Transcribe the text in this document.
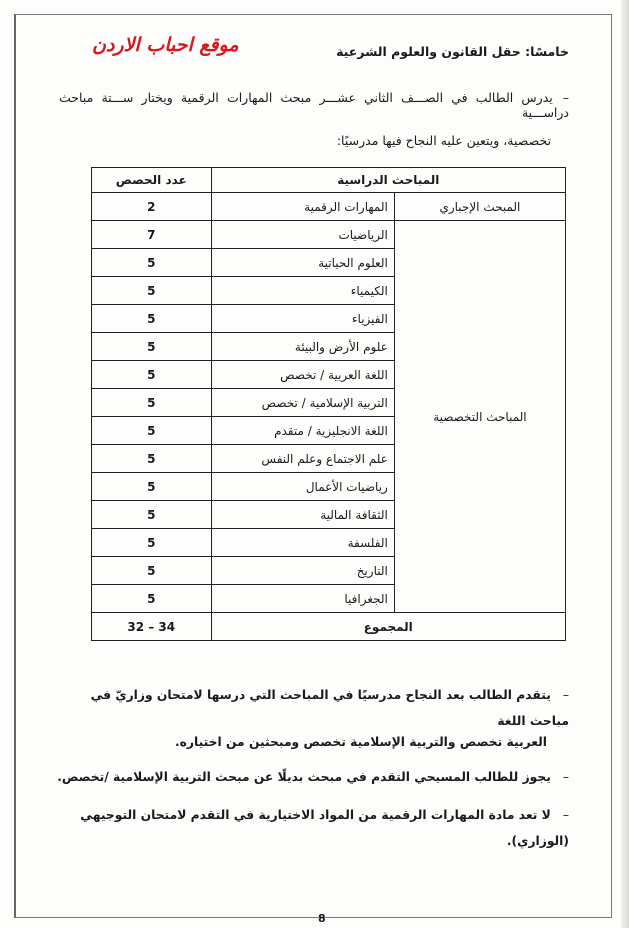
خامسًا: حقل القانون والعلوم الشرعية
موقع احباب الاردن
–يدرس الطالب في الصـــف الثاني عشـــر مبحث المهارات الرقمية ويختار ســـتة مباحث دراســـية
تخصصية، ويتعين عليه النجاح فيها مدرسيًا:
المباحث الدراسية		عدد الحصص
المبحث الإجباري	المهارات الرقمية	2
المباحث التخصصية	الرياضيات	7
	العلوم الحياتية	5
	الكيمياء	5
	الفيزياء	5
	علوم الأرض والبيئة	5
	اللغة العربية / تخصص	5
	التربية الإسلامية / تخصص	5
	اللغة الانجليزية / متقدم	5
	علم الاجتماع وعلم النفس	5
	رياضيات الأعمال	5
	الثقافة المالية	5
	الفلسفة	5
	التاريخ	5
	الجغرافيا	5
المجموع		32 – 34
–يتقدم الطالب بعد النجاح مدرسيًا في المباحث التي درسها لامتحان وزاريّ في مباحث اللغة
العربية تخصص والتربية الإسلامية تخصص ومبحثين من اختياره.
–يجوز للطالب المسيحي التقدم في مبحث بديلًا عن مبحث التربية الإسلامية /تخصص.
–لا تعد مادة المهارات الرقمية من المواد الاختيارية في التقدم لامتحان التوجيهي (الوزاري).
8
